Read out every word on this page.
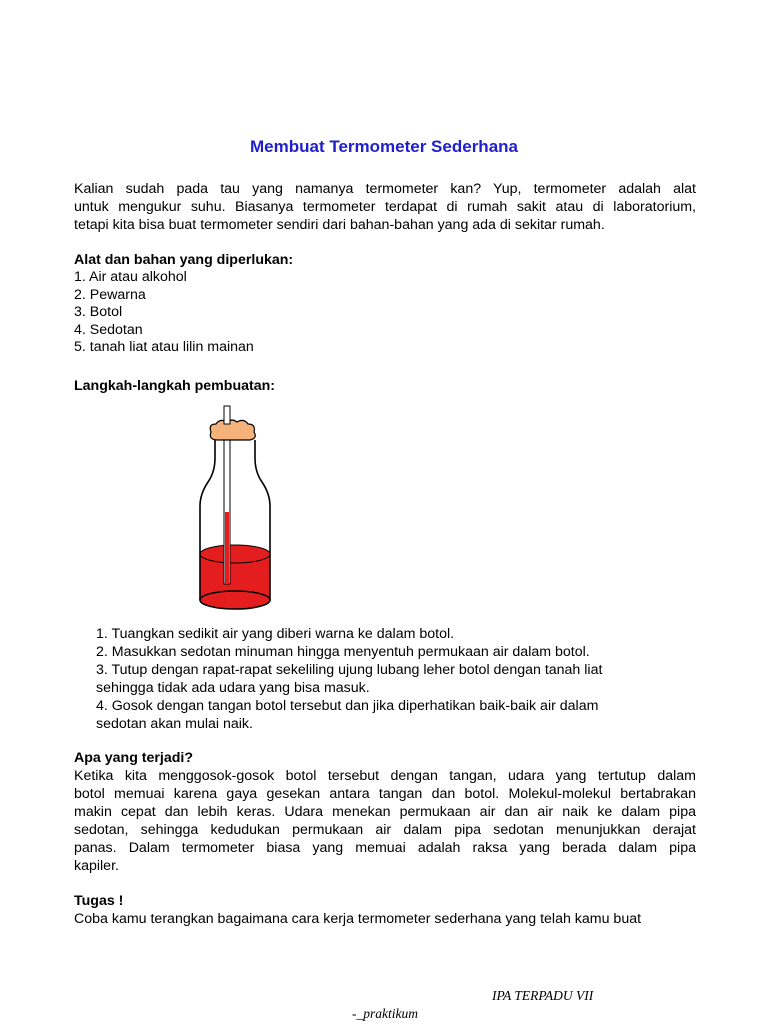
Membuat Termometer Sederhana
Kalian sudah pada tau yang namanya termometer kan? Yup, termometer adalah alat
untuk mengukur suhu. Biasanya termometer terdapat di rumah sakit atau di laboratorium,
tetapi kita bisa buat termometer sendiri dari bahan-bahan yang ada di sekitar rumah.
Alat dan bahan yang diperlukan:
1. Air atau alkohol
2. Pewarna
3. Botol
4. Sedotan
5. tanah liat atau lilin mainan
Langkah-langkah pembuatan:
1. Tuangkan sedikit air yang diberi warna ke dalam botol.
2. Masukkan sedotan minuman hingga menyentuh permukaan air dalam botol.
3. Tutup dengan rapat-rapat sekeliling ujung lubang leher botol dengan tanah liat
sehingga tidak ada udara yang bisa masuk.
4. Gosok dengan tangan botol tersebut dan jika diperhatikan baik-baik air dalam
sedotan akan mulai naik.
Apa yang terjadi?
Ketika kita menggosok-gosok botol tersebut dengan tangan, udara yang tertutup dalam
botol memuai karena gaya gesekan antara tangan dan botol. Molekul-molekul bertabrakan
makin cepat dan lebih keras. Udara menekan permukaan air dan air naik ke dalam pipa
sedotan, sehingga kedudukan permukaan air dalam pipa sedotan menunjukkan derajat
panas. Dalam termometer biasa yang memuai adalah raksa yang berada dalam pipa
kapiler.
Tugas !
Coba kamu terangkan bagaimana cara kerja termometer sederhana yang telah kamu buat
IPA TERPADU VII
-_praktikum
